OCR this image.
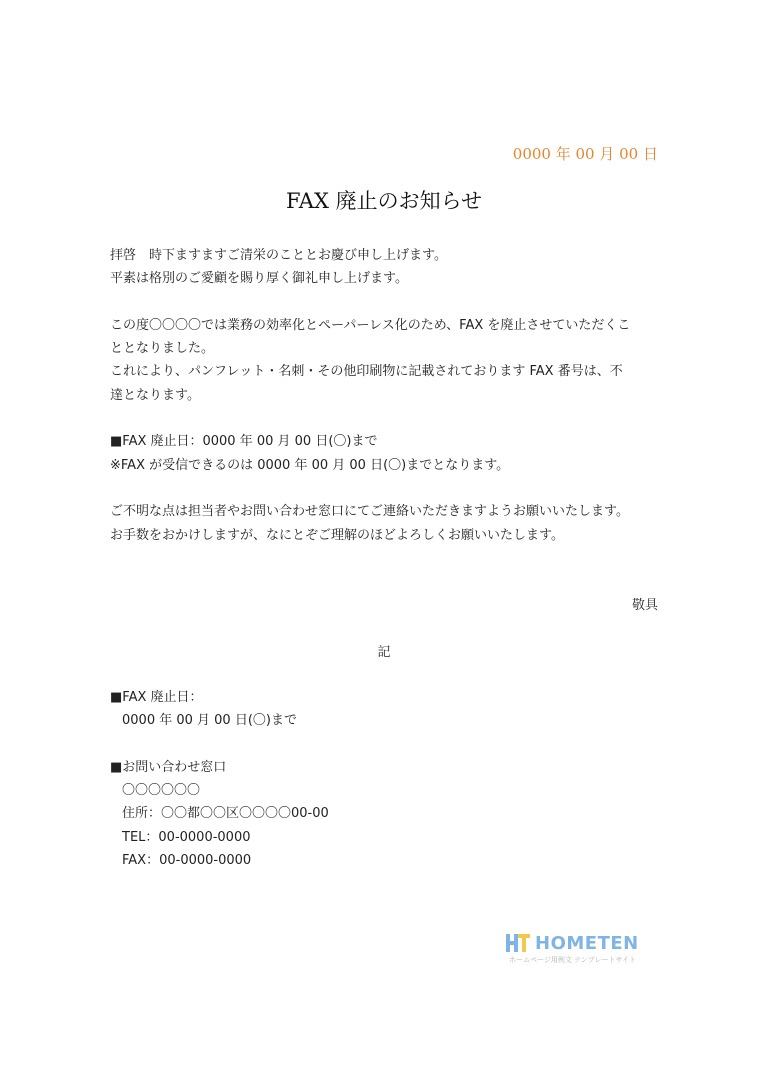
0000 年 00 月 00 日
FAX 廃止のお知らせ

拝啓　時下ますますご清栄のこととお慶び申し上げます。

平素は格別のご愛顧を賜り厚く御礼申し上げます。

この度〇〇〇〇では業務の効率化とペーパーレス化のため、FAX を廃止させていただくこ

ととなりました。

これにより、パンフレット・名刺・その他印刷物に記載されております FAX 番号は、不

達となります。

■FAX 廃止日：0000 年 00 月 00 日(〇)まで

※FAX が受信できるのは 0000 年 00 月 00 日(〇)までとなります。

ご不明な点は担当者やお問い合わせ窓口にてご連絡いただきますようお願いいたします。

お手数をおかけしますが、なにとぞご理解のほどよろしくお願いいたします。

敬具
記

■FAX 廃止日：

0000 年 00 月 00 日(〇)まで

■お問い合わせ窓口

〇〇〇〇〇〇

住所：〇〇都〇〇区〇〇〇〇00-00

TEL：00-0000-0000

FAX：00-0000-0000

HOMETEN
ホームページ用例文 テンプレートサイト
